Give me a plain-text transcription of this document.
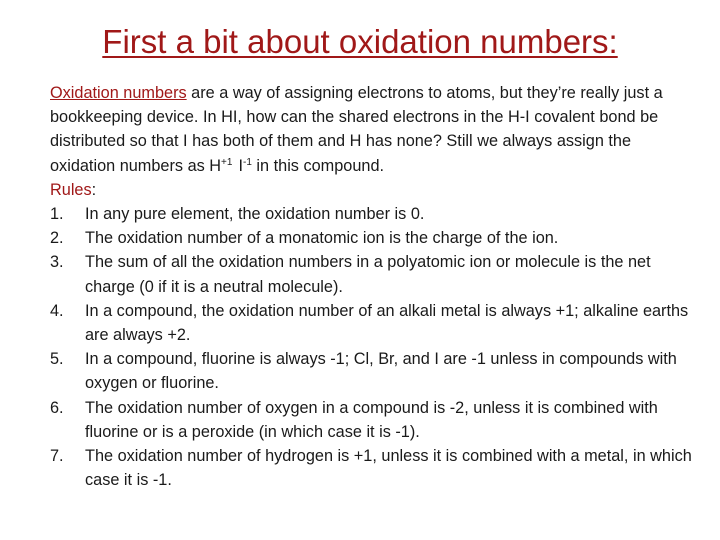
First a bit about oxidation numbers:

Oxidation numbers are a way of assigning electrons to atoms, but they’re really just a bookkeeping device. In HI, how can the shared electrons in the H-I covalent bond be distributed so that I has both of them and H has none? Still we always assign the oxidation numbers as $H^{+1}$ $I^{-1}$ in this compound.

Rules:

1. In any pure element, the oxidation number is 0.
2. The oxidation number of a monatomic ion is the charge of the ion.
3. The sum of all the oxidation numbers in a polyatomic ion or molecule is the net charge (0 if it is a neutral molecule).
4. In a compound, the oxidation number of an alkali metal is always +1; alkaline earths are always +2.
5. In a compound, fluorine is always -1; Cl, Br, and I are -1 unless in compounds with oxygen or fluorine.
6. The oxidation number of oxygen in a compound is -2, unless it is combined with fluorine or is a peroxide (in which case it is -1).
7. The oxidation number of hydrogen is +1, unless it is combined with a metal, in which case it is -1.
